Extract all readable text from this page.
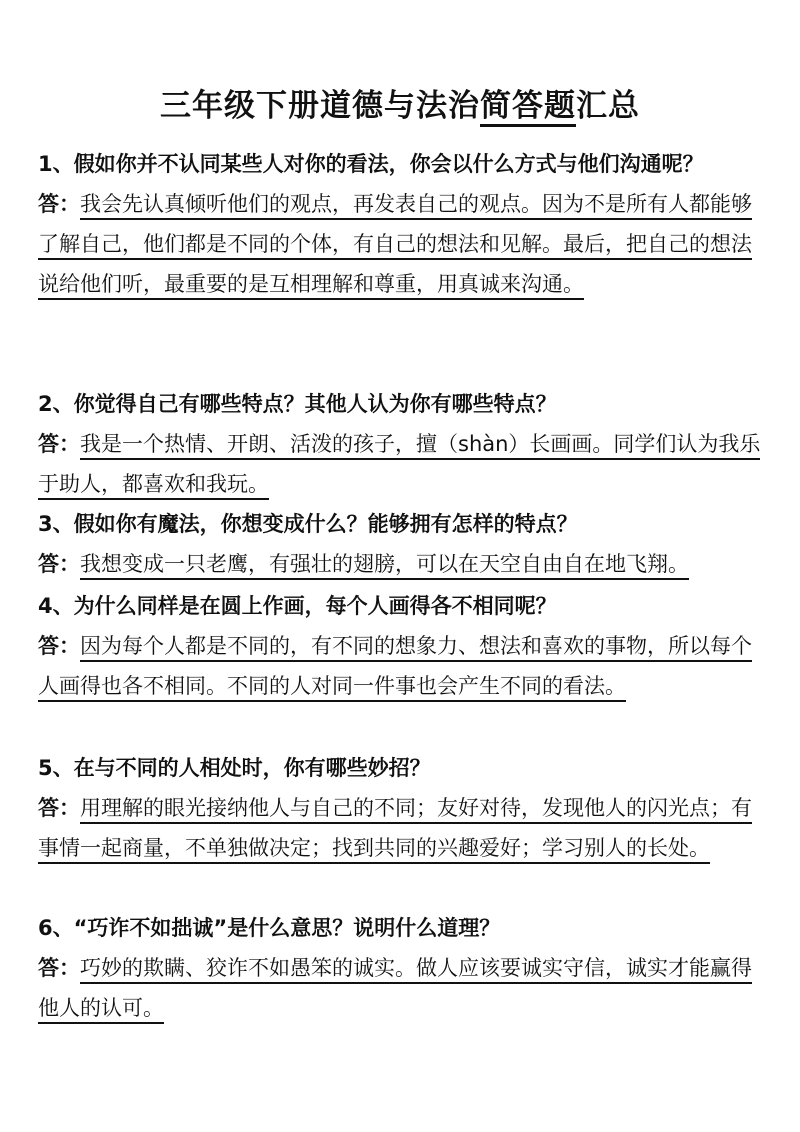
三年级下册道德与法治简答题汇总

1、假如你并不认同某些人对你的看法，你会以什么方式与他们沟通呢？

答：我会先认真倾听他们的观点，再发表自己的观点。因为不是所有人都能够了解自己，他们都是不同的个体，有自己的想法和见解。最后，把自己的想法说给他们听，最重要的是互相理解和尊重，用真诚来沟通。

2、你觉得自己有哪些特点？其他人认为你有哪些特点？

答：我是一个热情、开朗、活泼的孩子，擅（shàn）长画画。同学们认为我乐于助人，都喜欢和我玩。

3、假如你有魔法，你想变成什么？能够拥有怎样的特点？

答：我想变成一只老鹰，有强壮的翅膀，可以在天空自由自在地飞翔。

4、为什么同样是在圆上作画，每个人画得各不相同呢？

答：因为每个人都是不同的，有不同的想象力、想法和喜欢的事物，所以每个人画得也各不相同。不同的人对同一件事也会产生不同的看法。

5、在与不同的人相处时，你有哪些妙招？

答：用理解的眼光接纳他人与自己的不同；友好对待，发现他人的闪光点；有事情一起商量，不单独做决定；找到共同的兴趣爱好；学习别人的长处。

6、“巧诈不如拙诚”是什么意思？说明什么道理？

答：巧妙的欺瞒、狡诈不如愚笨的诚实。做人应该要诚实守信，诚实才能赢得他人的认可。
